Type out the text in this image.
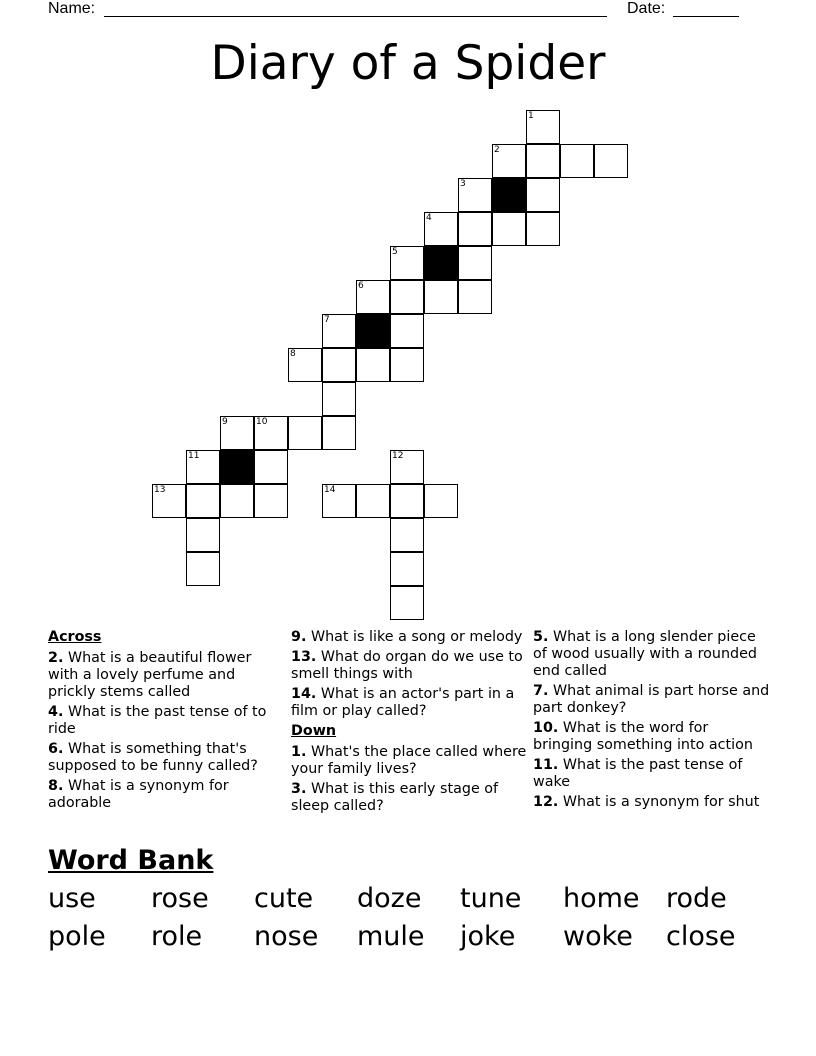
Name:	Date:
Diary of a Spider
1
2
3
4
5
6
7
8
9	10
11	12
13	14
Across
2. What is a beautiful flower with a lovely perfume and prickly stems called
4. What is the past tense of to ride
6. What is something that's supposed to be funny called?
8. What is a synonym for adorable
9. What is like a song or melody
13. What do organ do we use to smell things with
14. What is an actor's part in a film or play called?
Down
1. What's the place called where your family lives?
3. What is this early stage of sleep called?
5. What is a long slender piece of wood usually with a rounded end called
7. What animal is part horse and part donkey?
10. What is the word for bringing something into action
11. What is the past tense of wake
12. What is a synonym for shut
Word Bank
use rose cute doze tune home rode
pole role nose mule joke woke close
